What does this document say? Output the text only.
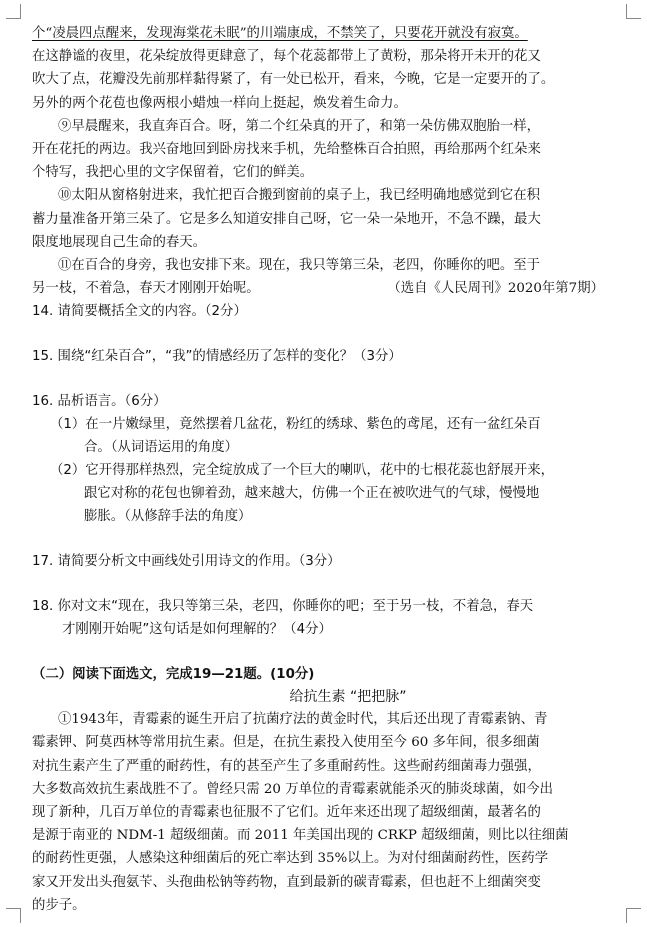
个“凌晨四点醒来，发现海棠花未眠”的川端康成，不禁笑了，只要花开就没有寂寞。
在这静谧的夜里，花朵绽放得更肆意了，每个花蕊都带上了黄粉，那朵将开未开的花又
吹大了点，花瓣没先前那样黏得紧了，有一处已松开，看来，今晚，它是一定要开的了。
另外的两个花苞也像两根小蜡烛一样向上挺起，焕发着生命力。
⑨早晨醒来，我直奔百合。呀，第二个红朵真的开了，和第一朵仿佛双胞胎一样，
开在花托的两边。我兴奋地回到卧房找来手机，先给整株百合拍照，再给那两个红朵来
个特写，我把心里的文字保留着，它们的鲜美。
⑩太阳从窗格射进来，我忙把百合搬到窗前的桌子上，我已经明确地感觉到它在积
蓄力量准备开第三朵了。它是多么知道安排自己呀，它一朵一朵地开，不急不躁，最大
限度地展现自己生命的春天。
⑪在百合的身旁，我也安排下来。现在，我只等第三朵，老四，你睡你的吧。至于
另一枝，不着急，春天才刚刚开始呢。	（选自《人民周刊》2020年第7期）
14. 请简要概括全文的内容。（2分）
15. 围绕“红朵百合”，“我”的情感经历了怎样的变化？（3分）
16. 品析语言。（6分）
（1）在一片嫩绿里，竟然摆着几盆花，粉红的绣球、紫色的鸢尾，还有一盆红朵百
合。（从词语运用的角度）
（2）它开得那样热烈，完全绽放成了一个巨大的喇叭，花中的七根花蕊也舒展开来，
跟它对称的花包也铆着劲，越来越大，仿佛一个正在被吹进气的气球，慢慢地
膨胀。（从修辞手法的角度）
17. 请简要分析文中画线处引用诗文的作用。（3分）
18. 你对文末“现在，我只等第三朵，老四，你睡你的吧；至于另一枝，不着急，春天
才刚刚开始呢”这句话是如何理解的？（4分）
（二）阅读下面选文，完成19—21题。(10分)
给抗生素 “把把脉”
①1943年，青霉素的诞生开启了抗菌疗法的黄金时代，其后还出现了青霉素钠、青
霉素钾、阿莫西林等常用抗生素。但是，在抗生素投入使用至今 60 多年间，很多细菌
对抗生素产生了严重的耐药性，有的甚至产生了多重耐药性。这些耐药细菌毒力强强，
大多数高效抗生素战胜不了。曾经只需 20 万单位的青霉素就能杀灭的肺炎球菌，如今出
现了新种，几百万单位的青霉素也征服不了它们。近年来还出现了超级细菌，最著名的
是源于南亚的 NDM-1 超级细菌。而 2011 年美国出现的 CRKP 超级细菌，则比以往细菌
的耐药性更强，人感染这种细菌后的死亡率达到 35%以上。为对付细菌耐药性，医药学
家又开发出头孢氨苄、头孢曲松钠等药物，直到最新的碳青霉素，但也赶不上细菌突变
的步子。
